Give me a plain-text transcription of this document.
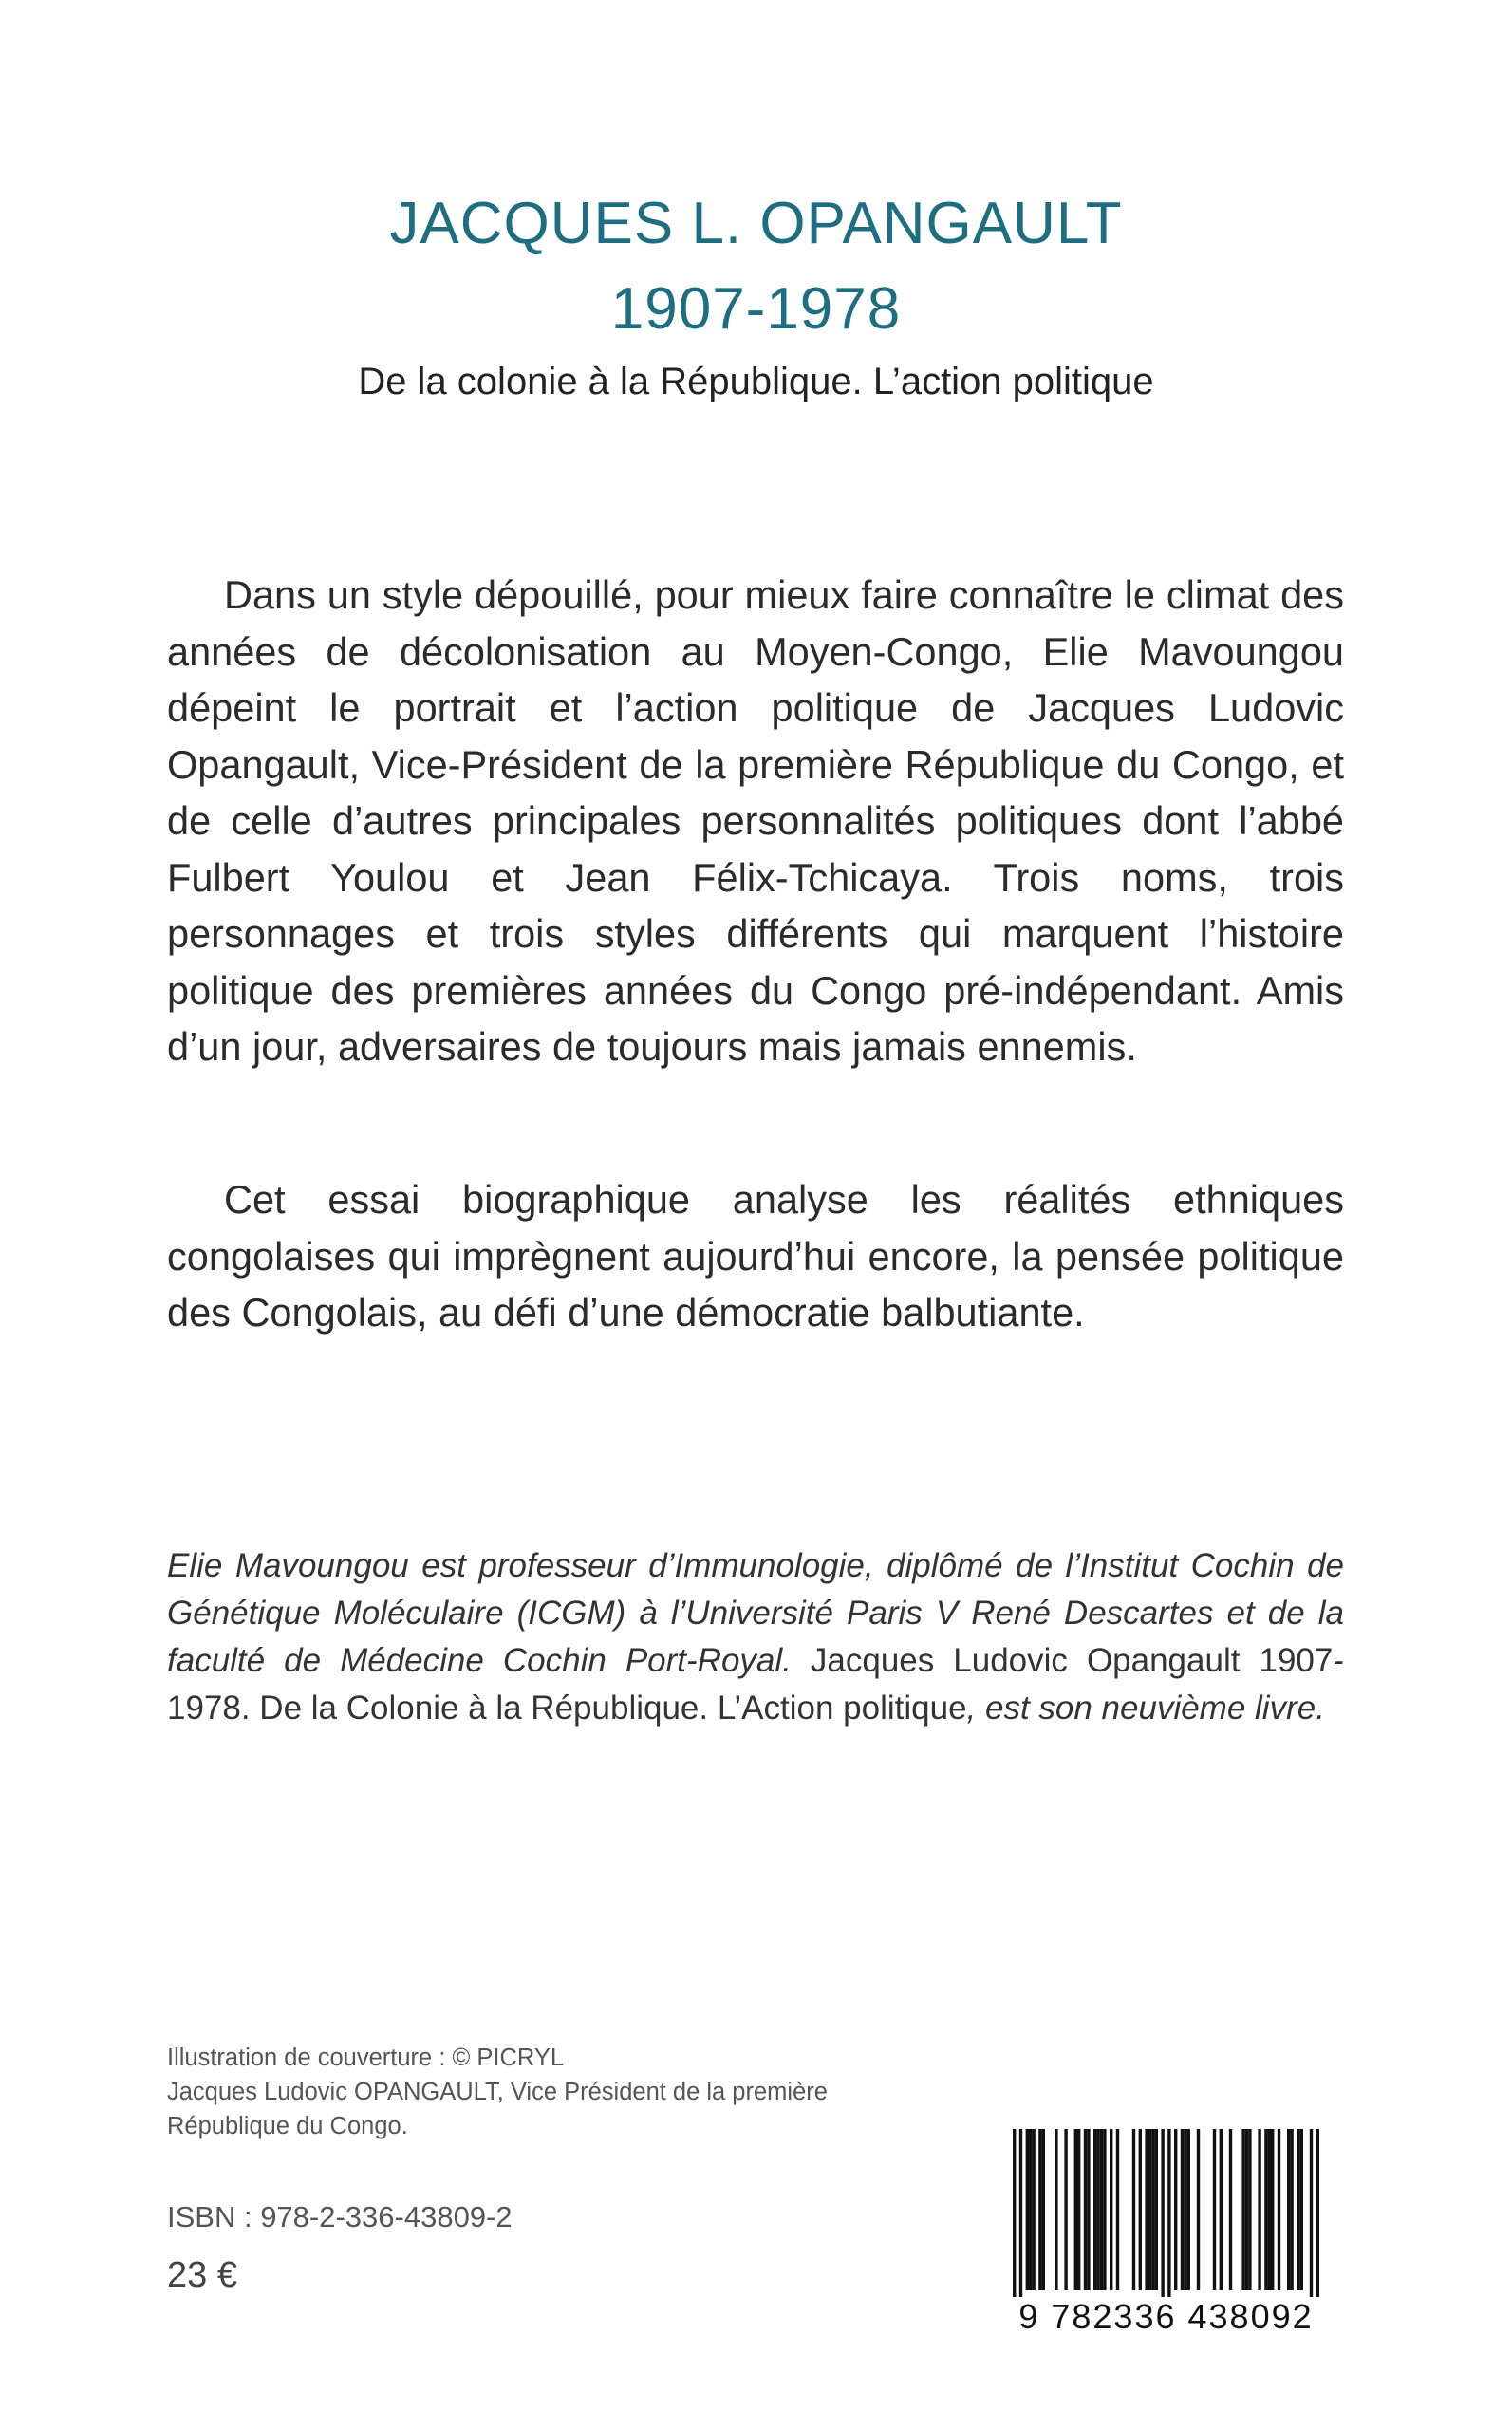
JACQUES L. OPANGAULT
1907-1978

De la colonie à la République. L’action politique

Dans un style dépouillé, pour mieux faire connaître le climat des années de décolonisation au Moyen-Congo, Elie Mavoungou dépeint le portrait et l’action politique de Jacques Ludovic Opangault, Vice-Président de la première République du Congo, et de celle d’autres principales personnalités politiques dont l’abbé Fulbert Youlou et Jean Félix-Tchicaya. Trois noms, trois personnages et trois styles différents qui marquent l’histoire politique des premières années du Congo pré-indépendant. Amis d’un jour, adversaires de toujours mais jamais ennemis.

Cet essai biographique analyse les réalités ethniques congolaises qui imprègnent aujourd’hui encore, la pensée politique des Congolais, au défi d’une démocratie balbutiante.

Elie Mavoungou est professeur d’Immunologie, diplômé de l’Institut Cochin de Génétique Moléculaire (ICGM) à l’Université Paris V René Descartes et de la faculté de Médecine Cochin Port-Royal. Jacques Ludovic Opangault 1907-1978. De la Colonie à la République. L’Action politique, est son neuvième livre.

Illustration de couverture : © PICRYL
Jacques Ludovic OPANGAULT, Vice Président de la première République du Congo.

ISBN : 978-2-336-43809-2

23 €

9 782336 438092
